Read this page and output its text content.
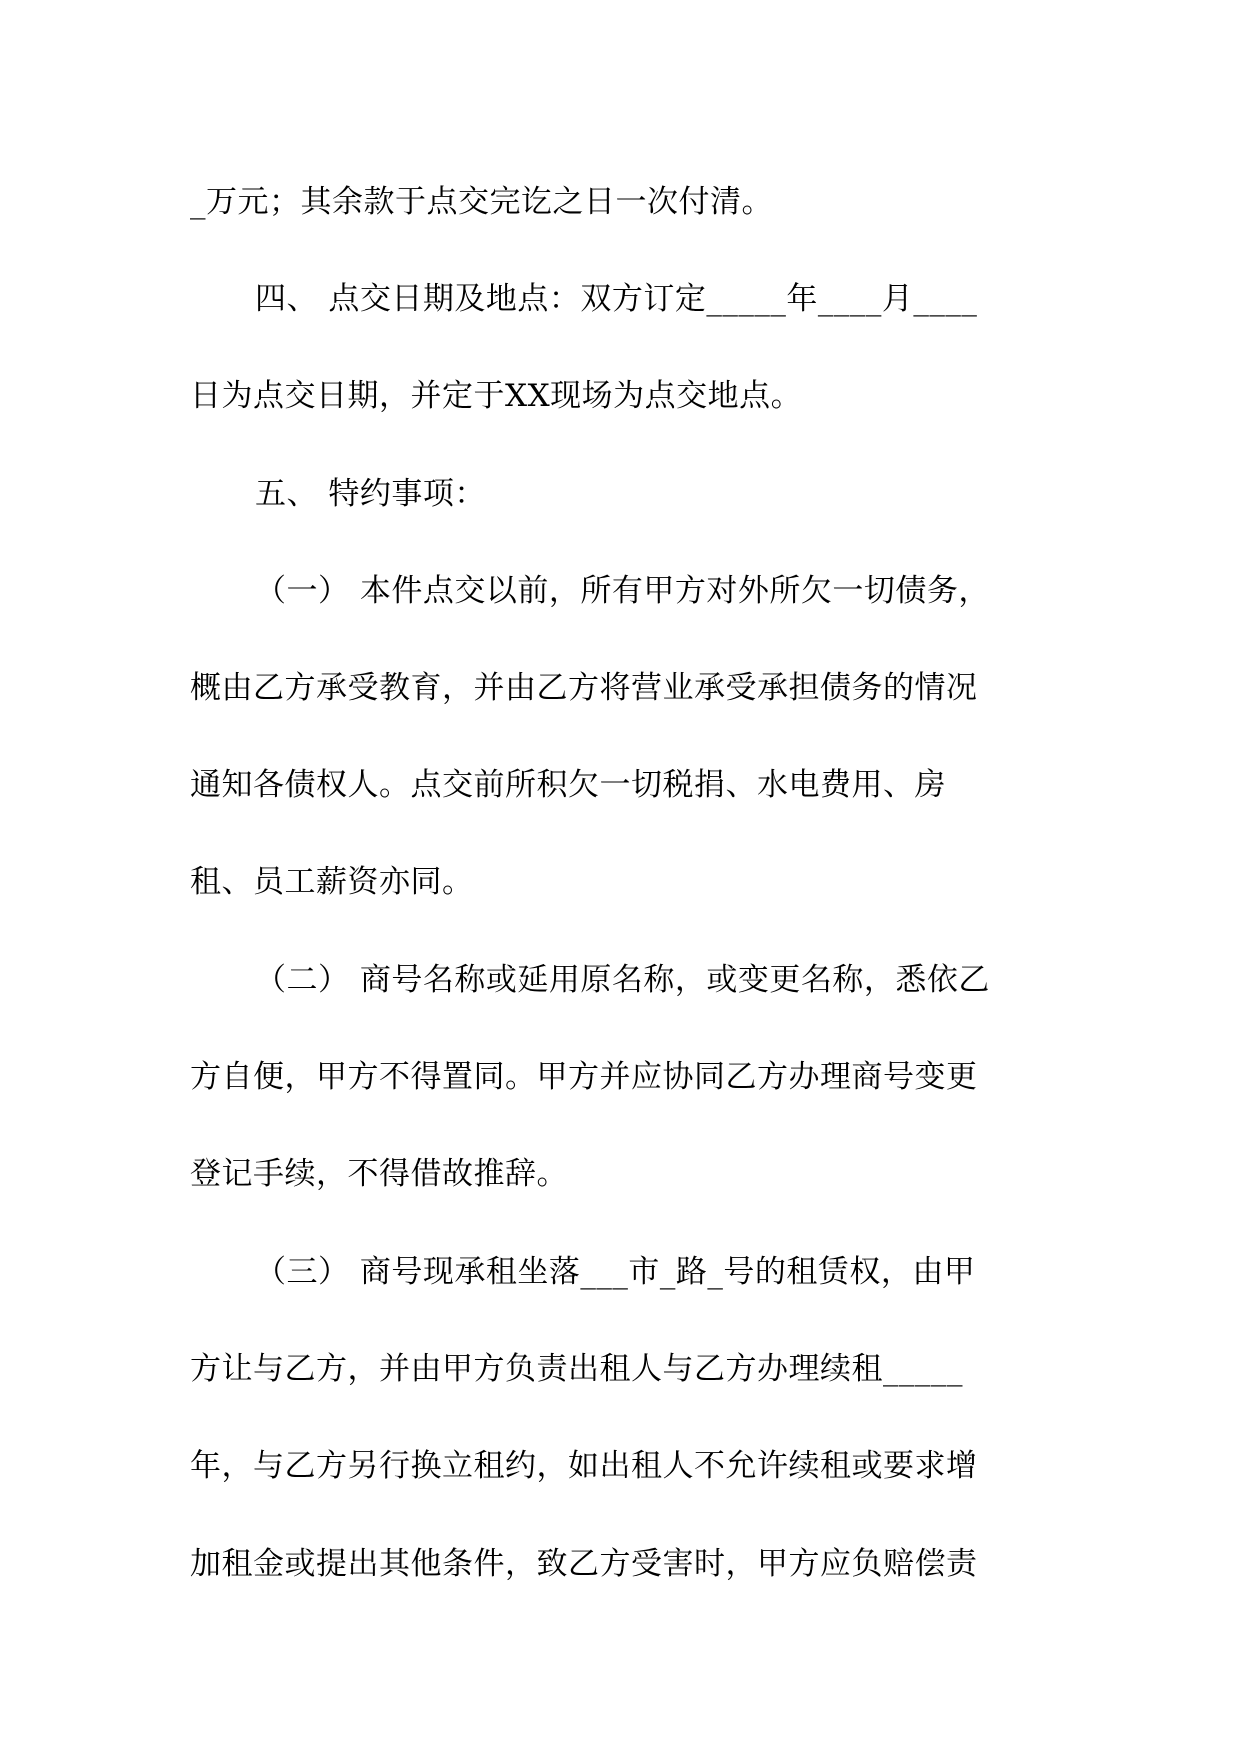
_万元；其余款于点交完讫之日一次付清。
四、 点交日期及地点：双方订定_____年____月____
日为点交日期，并定于XX现场为点交地点。
五、 特约事项：
（一） 本件点交以前，所有甲方对外所欠一切债务，
概由乙方承受教育，并由乙方将营业承受承担债务的情况
通知各债权人。点交前所积欠一切税捐、水电费用、房
租、员工薪资亦同。
（二） 商号名称或延用原名称，或变更名称，悉依乙
方自便，甲方不得置同。甲方并应协同乙方办理商号变更
登记手续，不得借故推辞。
（三） 商号现承租坐落___市_路_号的租赁权，由甲
方让与乙方，并由甲方负责出租人与乙方办理续租_____
年，与乙方另行换立租约，如出租人不允许续租或要求增
加租金或提出其他条件，致乙方受害时，甲方应负赔偿责
